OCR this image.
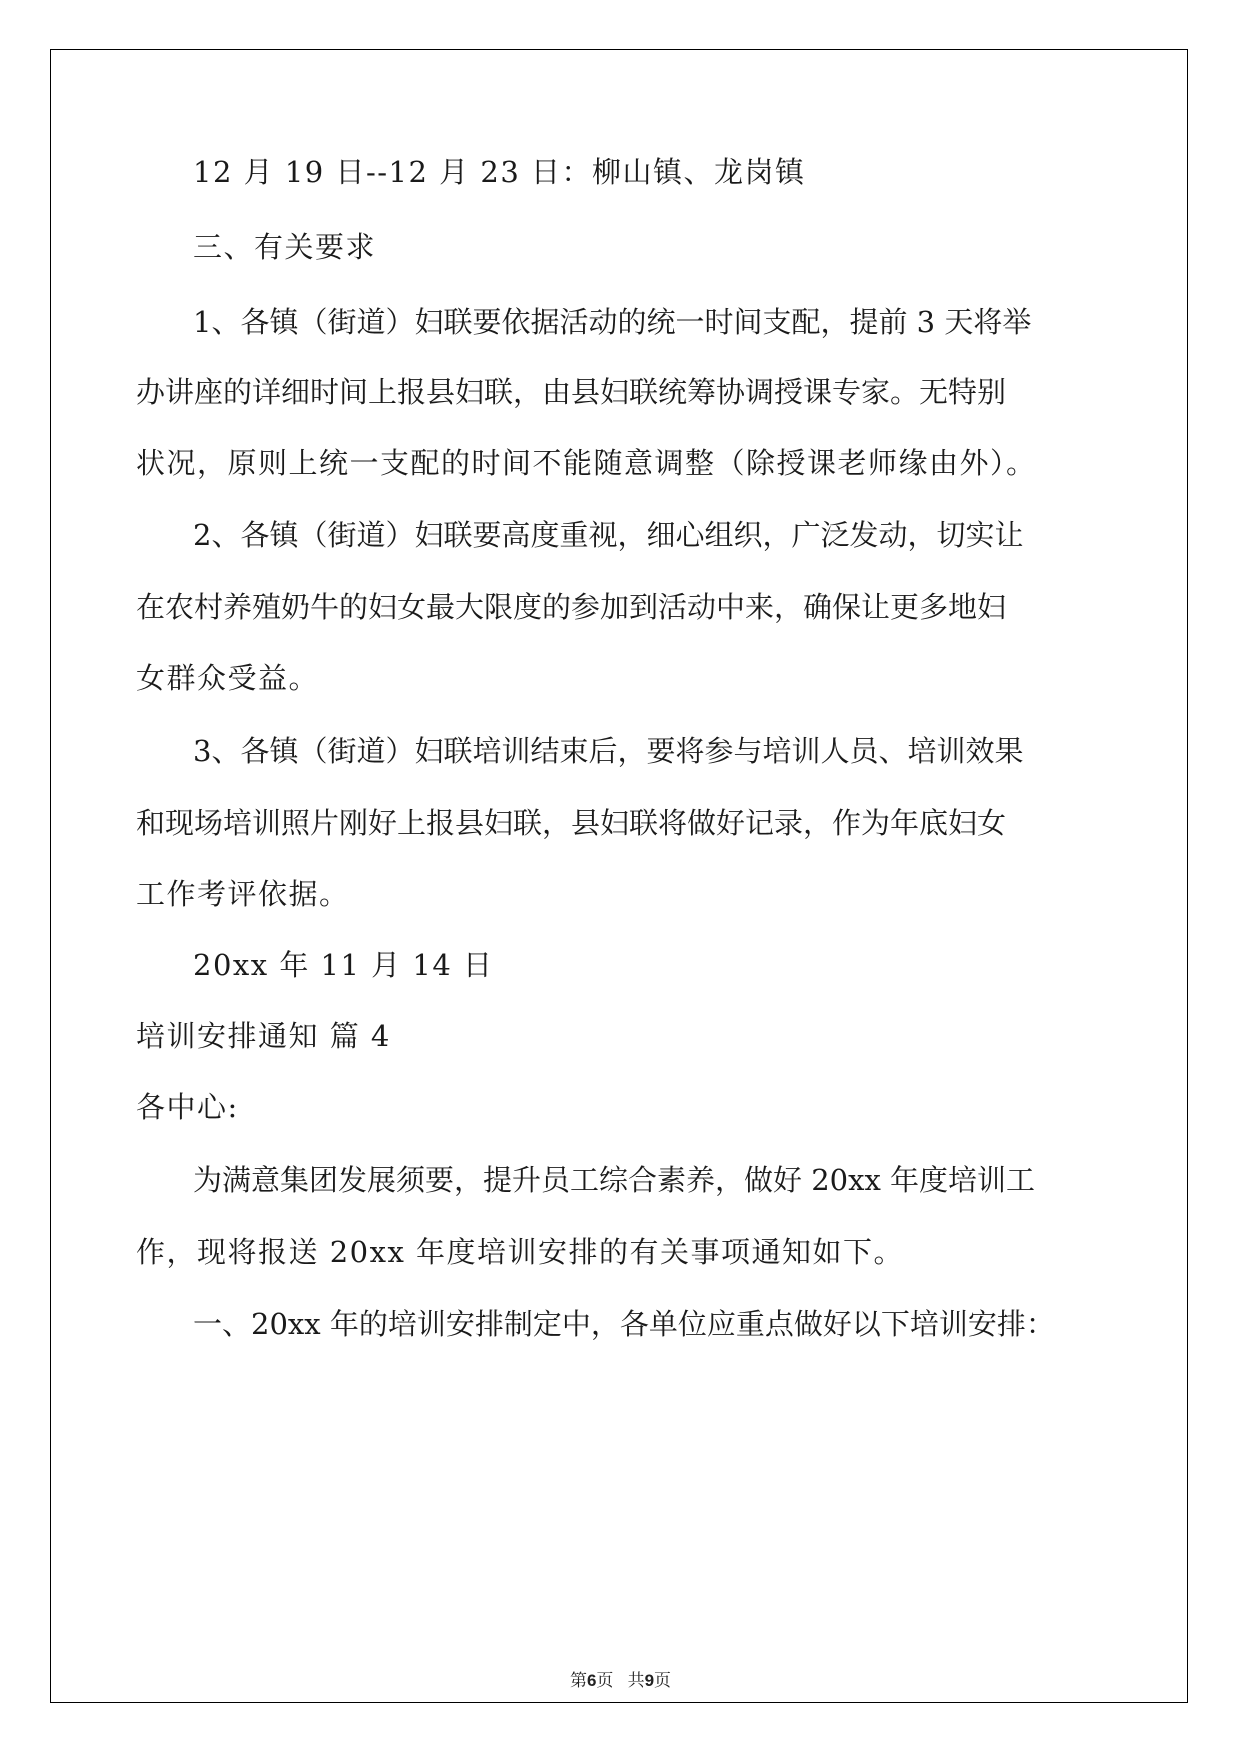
12 月 19 日--12 月 23 日：柳山镇、龙岗镇

三、有关要求

1、各镇（街道）妇联要依据活动的统一时间支配，提前 3 天将举

办讲座的详细时间上报县妇联，由县妇联统筹协调授课专家。无特别

状况，原则上统一支配的时间不能随意调整（除授课老师缘由外）。

2、各镇（街道）妇联要高度重视，细心组织，广泛发动，切实让

在农村养殖奶牛的妇女最大限度的参加到活动中来，确保让更多地妇

女群众受益。

3、各镇（街道）妇联培训结束后，要将参与培训人员、培训效果

和现场培训照片刚好上报县妇联，县妇联将做好记录，作为年底妇女

工作考评依据。

20xx 年 11 月 14 日

培训安排通知 篇 4

各中心:

为满意集团发展须要，提升员工综合素养，做好 20xx 年度培训工

作，现将报送 20xx 年度培训安排的有关事项通知如下。

一、20xx 年的培训安排制定中，各单位应重点做好以下培训安排：

第6页 共9页
